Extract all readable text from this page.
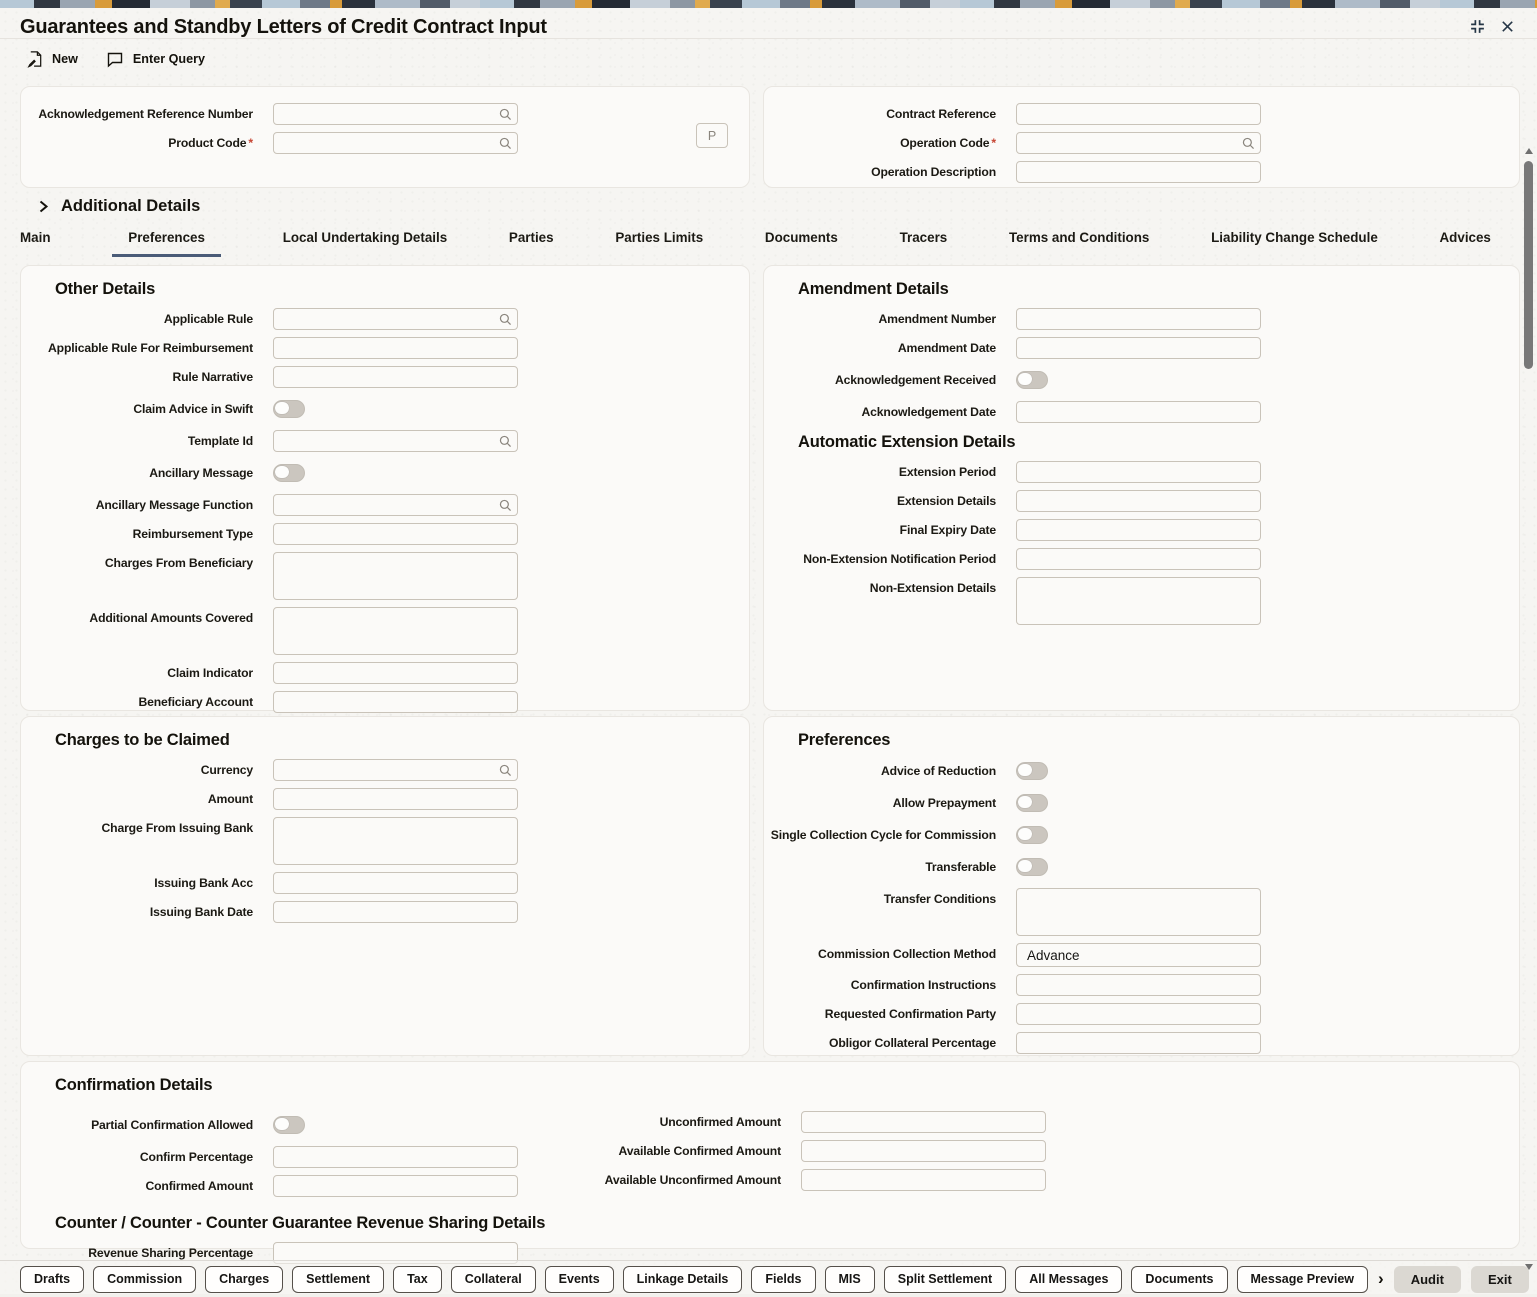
Guarantees and Standby Letters of Credit Contract Input
New	Enter Query
Acknowledgement Reference Number
Product Code *
P
Contract Reference
Operation Code *
Operation Description
Additional Details
Main	Preferences	Local Undertaking Details	Parties	Parties Limits	Documents	Tracers	Terms and Conditions	Liability Change Schedule	Advices
Other Details
Applicable Rule
Applicable Rule For Reimbursement
Rule Narrative
Claim Advice in Swift
Template Id
Ancillary Message
Ancillary Message Function
Reimbursement Type
Charges From Beneficiary
Additional Amounts Covered
Claim Indicator
Beneficiary Account
Amendment Details
Amendment Number
Amendment Date
Acknowledgement Received
Acknowledgement Date
Automatic Extension Details
Extension Period
Extension Details
Final Expiry Date
Non-Extension Notification Period
Non-Extension Details
Charges to be Claimed
Currency
Amount
Charge From Issuing Bank
Issuing Bank Acc
Issuing Bank Date
Preferences
Advice of Reduction
Allow Prepayment
Single Collection Cycle for Commission
Transferable
Transfer Conditions
Commission Collection Method	Advance
Confirmation Instructions
Requested Confirmation Party
Obligor Collateral Percentage
Confirmation Details
Partial Confirmation Allowed
Confirm Percentage
Confirmed Amount
Unconfirmed Amount
Available Confirmed Amount
Available Unconfirmed Amount
Counter / Counter - Counter Guarantee Revenue Sharing Details
Revenue Sharing Percentage
Drafts	Commission	Charges	Settlement	Tax	Collateral	Events	Linkage Details	Fields	MIS	Split Settlement	All Messages	Documents	Message Preview	›	Audit	Exit
